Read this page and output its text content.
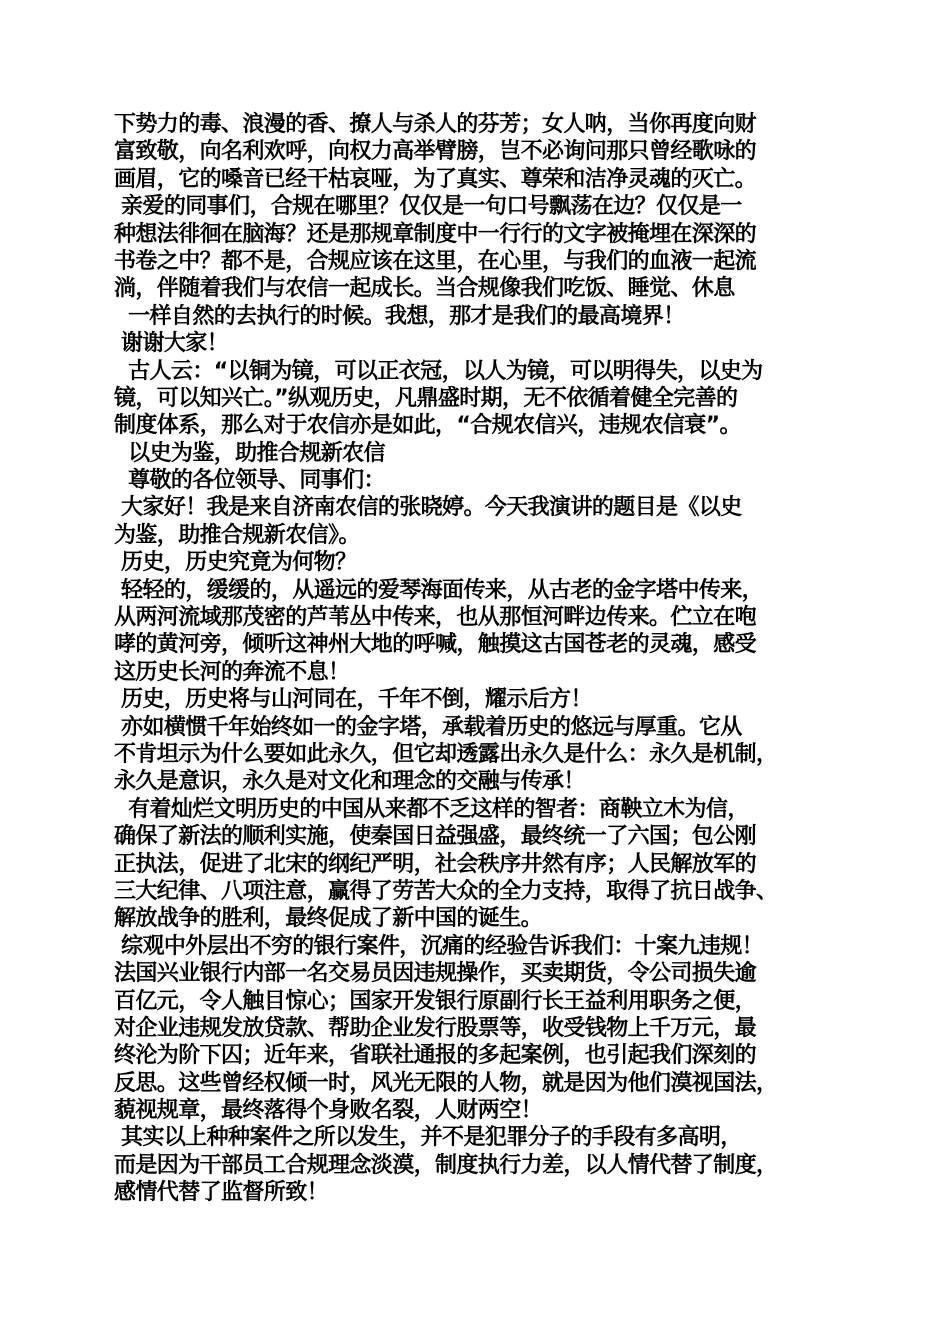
下势力的毒、浪漫的香、撩人与杀人的芬芳；女人呐，当你再度向财
富致敬，向名利欢呼，向权力高举臂膀，岂不必询问那只曾经歌咏的
画眉，它的嗓音已经干枯哀哑，为了真实、尊荣和洁净灵魂的灭亡。
亲爱的同事们，合规在哪里？仅仅是一句口号飘荡在边？仅仅是一
种想法徘徊在脑海？还是那规章制度中一行行的文字被掩埋在深深的
书卷之中？都不是，合规应该在这里，在心里，与我们的血液一起流
淌，伴随着我们与农信一起成长。当合规像我们吃饭、睡觉、休息
一样自然的去执行的时候。我想，那才是我们的最高境界！
谢谢大家！
古人云：“以铜为镜，可以正衣冠，以人为镜，可以明得失，以史为
镜，可以知兴亡。”纵观历史，凡鼎盛时期，无不依循着健全完善的
制度体系，那么对于农信亦是如此，“合规农信兴，违规农信衰”。
以史为鉴，助推合规新农信
尊敬的各位领导、同事们：
大家好！我是来自济南农信的张晓婷。今天我演讲的题目是《以史
为鉴，助推合规新农信》。
历史，历史究竟为何物？
轻轻的，缓缓的，从遥远的爱琴海面传来，从古老的金字塔中传来，
从两河流域那茂密的芦苇丛中传来，也从那恒河畔边传来。伫立在咆
哮的黄河旁，倾听这神州大地的呼喊，触摸这古国苍老的灵魂，感受
这历史长河的奔流不息！
历史，历史将与山河同在，千年不倒，耀示后方！
亦如横惯千年始终如一的金字塔，承载着历史的悠远与厚重。它从
不肯坦示为什么要如此永久，但它却透露出永久是什么：永久是机制，
永久是意识，永久是对文化和理念的交融与传承！
有着灿烂文明历史的中国从来都不乏这样的智者：商鞅立木为信，
确保了新法的顺利实施，使秦国日益强盛，最终统一了六国；包公刚
正执法，促进了北宋的纲纪严明，社会秩序井然有序；人民解放军的
三大纪律、八项注意，赢得了劳苦大众的全力支持，取得了抗日战争、
解放战争的胜利，最终促成了新中国的诞生。
综观中外层出不穷的银行案件，沉痛的经验告诉我们：十案九违规！
法国兴业银行内部一名交易员因违规操作，买卖期货，令公司损失逾
百亿元，令人触目惊心；国家开发银行原副行长王益利用职务之便，
对企业违规发放贷款、帮助企业发行股票等，收受钱物上千万元，最
终沦为阶下囚；近年来，省联社通报的多起案例，也引起我们深刻的
反思。这些曾经权倾一时，风光无限的人物，就是因为他们漠视国法，
藐视规章，最终落得个身败名裂，人财两空！
其实以上种种案件之所以发生，并不是犯罪分子的手段有多高明，
而是因为干部员工合规理念淡漠，制度执行力差，以人情代替了制度，
感情代替了监督所致！
